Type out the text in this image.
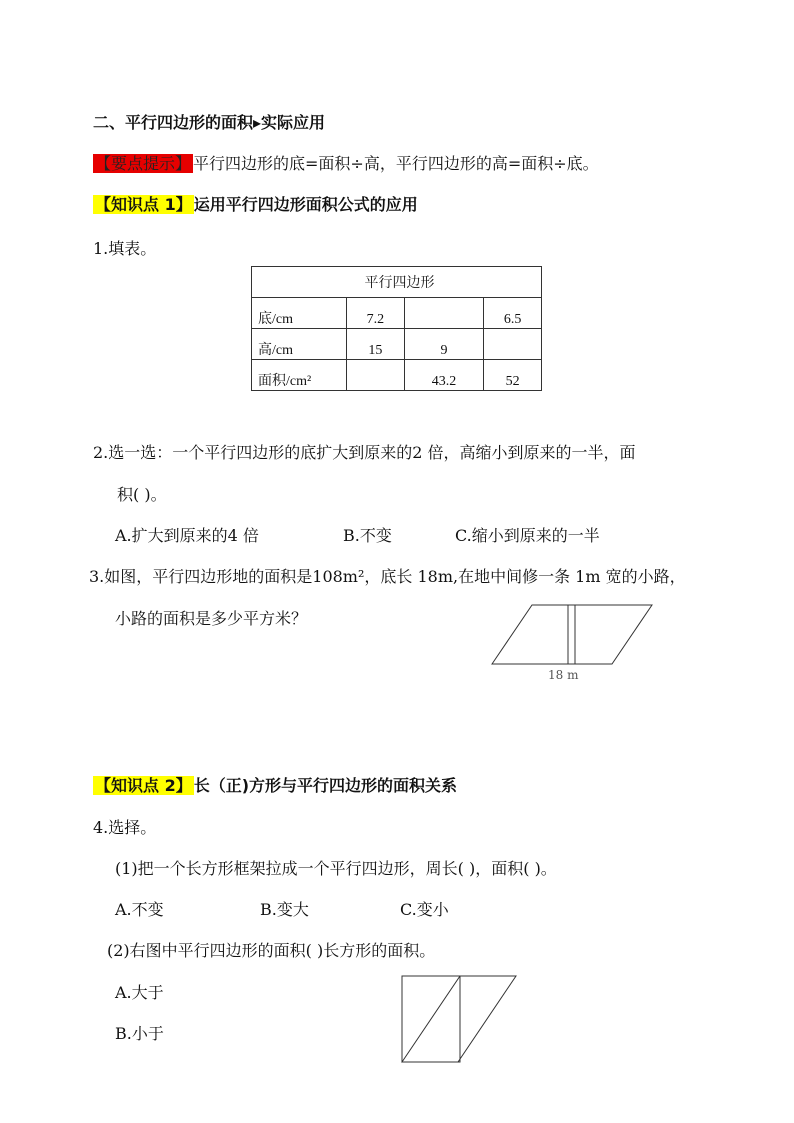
二、平行四边形的面积▸实际应用
【要点提示】 平行四边形的底=面积÷高，平行四边形的高=面积÷底。
【知识点 1】 运用平行四边形面积公式的应用
1.填表。
平行四边形			
底/cm	7.2		6.5
高/cm	15	9	
面积/cm²		43.2	52
2.选一选：一个平行四边形的底扩大到原来的2 倍，高缩小到原来的一半，面
积( )。
A.扩大到原来的4 倍	B.不变	C.缩小到原来的一半
3.如图，平行四边形地的面积是108m²，底长 18m,在地中间修一条 1m 宽的小路，
小路的面积是多少平方米？
18 m
【知识点 2】 长（正)方形与平行四边形的面积关系
4.选择。
(1)把一个长方形框架拉成一个平行四边形，周长( )，面积( )。
A.不变	B.变大	C.变小
(2)右图中平行四边形的面积( )长方形的面积。
A.大于
B.小于
